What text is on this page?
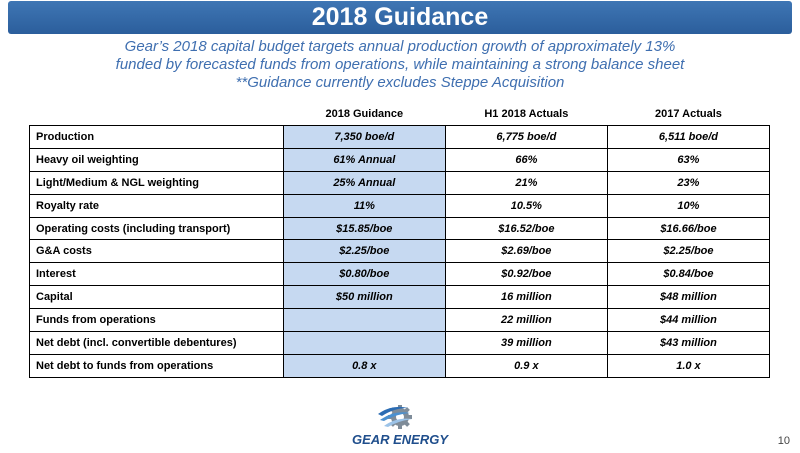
2018 Guidance
Gear’s 2018 capital budget targets annual production growth of approximately 13%
funded by forecasted funds from operations, while maintaining a strong balance sheet
**Guidance currently excludes Steppe Acquisition
	2018 Guidance	H1 2018 Actuals	2017 Actuals
Production	7,350 boe/d	6,775 boe/d	6,511 boe/d
Heavy oil weighting	61% Annual	66%	63%
Light/Medium & NGL weighting	25% Annual	21%	23%
Royalty rate	11%	10.5%	10%
Operating costs (including transport)	$15.85/boe	$16.52/boe	$16.66/boe
G&A costs	$2.25/boe	$2.69/boe	$2.25/boe
Interest	$0.80/boe	$0.92/boe	$0.84/boe
Capital	$50 million	16 million	$48 million
Funds from operations		22 million	$44 million
Net debt (incl. convertible debentures)		39 million	$43 million
Net debt to funds from operations	0.8 x	0.9 x	1.0 x
GEAR ENERGY	10
